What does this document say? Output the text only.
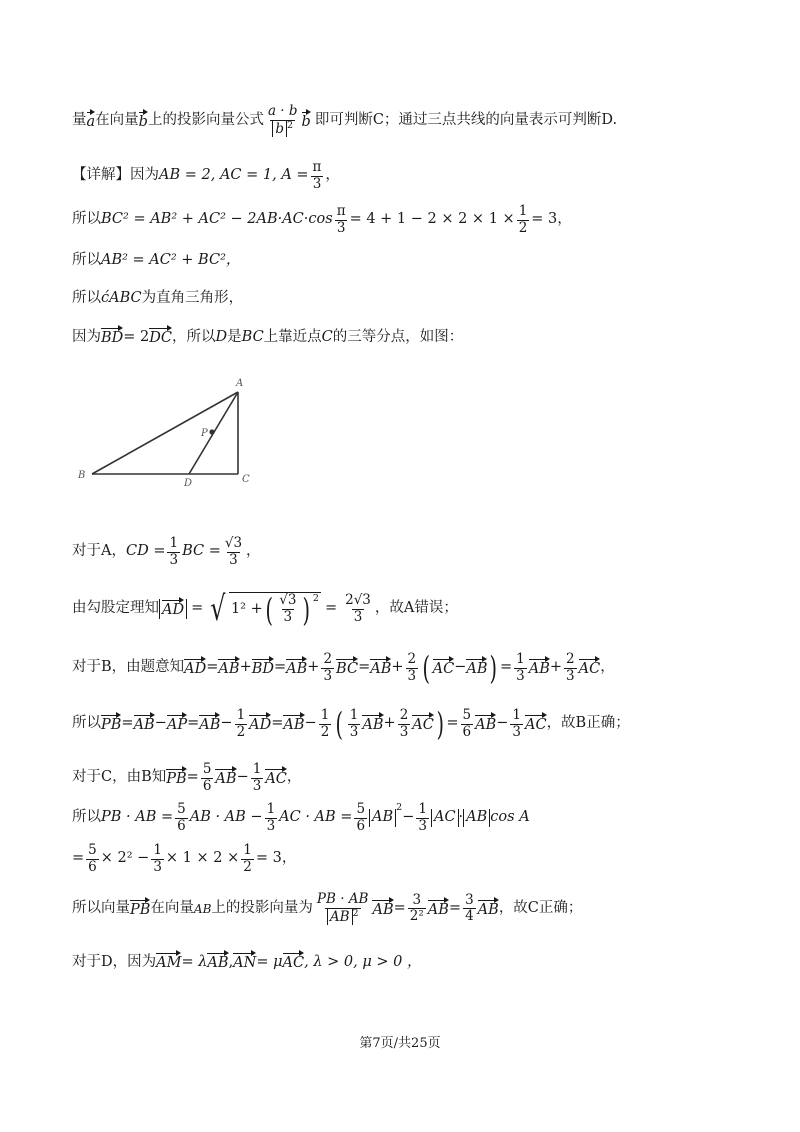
量 a 在向量 b 上的投影向量公式 $\frac{a \cdot b}{b ^2}$ b 即可判断C；通过三点共线的向量表示可判断D.
【详解】因为 AB = 2, AC = 1, $A = \frac{\pi}{3}$ ，
所以 $BC^2 = AB^2 + AC^2 - 2AB\cdot AC\cdot\cos \frac{\pi}{3} = 4 + 1 - 2 \times 2 \times 1 \times \frac{1}{2} = 3$，
所以 AB² = AC² + BC²，
所以 ćABC 为直角三角形，
因为 BD = 2 DC ，所以 D 是 BC 上靠近点 C 的三等分点，如图：
A
B	C
D
P
对于A， CD = $\frac{1}{3}$ BC = $\frac{√3}{3}$ ，
由勾股定理知 AD = √ 1² + ( $\frac{√3}{3}$ ) 2
= $\frac{2√3}{3}$ ，故A错误；
对于B，由题意知 AD = AB + BD = AB + $\frac{2}{3}$ BC = AB + $\frac{2}{3}$ ( AC − AB ) = $\frac{1}{3}$ AB + $\frac{2}{3}$ AC ，
所以 PB = AB − AP = AB − $\frac{1}{2}$ AD = AB − $\frac{1}{2}$ ( $\frac{1}{3}$ AB + $\frac{2}{3}$ AC ) = $\frac{5}{6}$ AB − $\frac{1}{3}$ AC ，故B正确；
对于C，由B知 PB = $\frac{5}{6}$ AB − $\frac{1}{3}$ AC ，
所以 PB · AB = $\frac{5}{6}$ AB · AB − $\frac{1}{3}$ AC · AB = $\frac{5}{6}$ AB
2
− $\frac{1}{3}$ AC · AB cos A
= $\frac{5}{6} \times 2^2 - \frac{1}{3} \times 1 \times 2 \times \frac{1}{2} = 3$，
所以向量 PB 在向量 AB 上的投影向量为 $\frac{PB \cdot AB}{AB ^2}$ AB = $\frac{3}{\text{2²}}$ AB = $\frac{3}{4}$ AB ，故C正确；
对于D，因为 AM = λ AB , AN = μ AC , λ > 0, μ > 0 ，
第7页/共25页
